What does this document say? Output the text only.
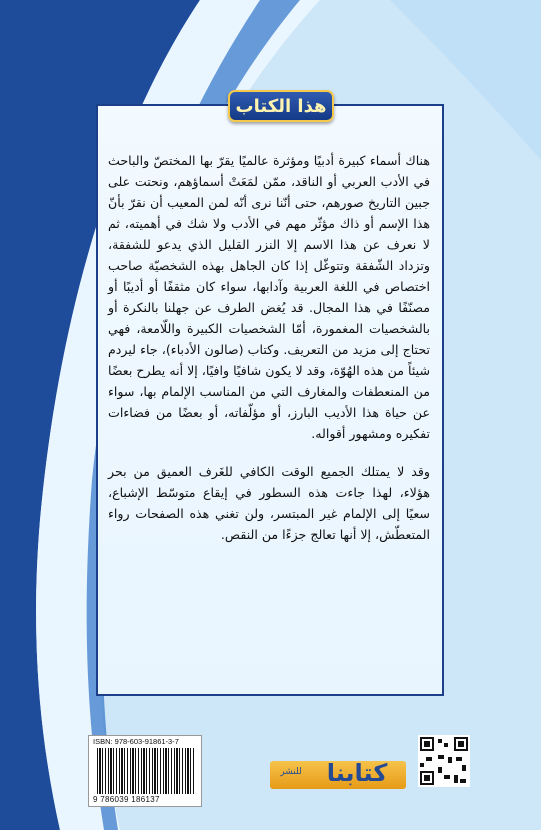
هذا الكتاب

هناك أسماء كبيرة أدبيًا ومؤثرة عالميًا يقرّ بها المختصّ والباحث في الأدب العربي أو الناقد، ممّن لمَعَتْ أسماؤهم، ونحتت على جبين التاريخ صورهم، حتى أنّنا نرى أنّه لمن المعيب أن نقرّ بأنّ هذا الإسم أو ذاك مؤثّر مهم في الأدب ولا شك في أهميته، ثم لا نعرف عن هذا الاسم إلا النزر القليل الذي يدعو للشفقة، وتزداد الشّفقة وتتوغّل إذا كان الجاهل بهذه الشخصيّة صاحب اختصاص في اللغة العربية وآدابها، سواء كان مثقفًا أو أديبًا أو مصنّفًا في هذا المجال. قد يُغض الطرف عن جهلنا بالنكرة أو بالشخصيات المغمورة، أمّا الشخصيات الكبيرة واللّامعة، فهي تحتاج إلى مزيد من التعريف. وكتاب (صالون الأدباء)، جاء ليردم شيئاً من هذه الهُوّة، وقد لا يكون شافيًا وافيًا، إلا أنه يطرح بعضًا من المنعطفات والمغارف التي من المناسب الإلمام بها، سواء عن حياة هذا الأديب البارز، أو مؤلّفاته، أو بعضًا من فضاءات تفكيره ومشهور أقواله.

وقد لا يمتلك الجميع الوقت الكافي للغَرف العميق من بحر هؤلاء، لهذا جاءت هذه السطور في إيقاع متوسّط الإشباع، سعيًا إلى الإلمام غير المبتسر، ولن تغني هذه الصفحات رواء المتعطّش، إلا أنها تعالج جزءًا من النقص.

ISBN: 978-603-91861-3-7
9 786039 186137
كتابنا
للنشر
